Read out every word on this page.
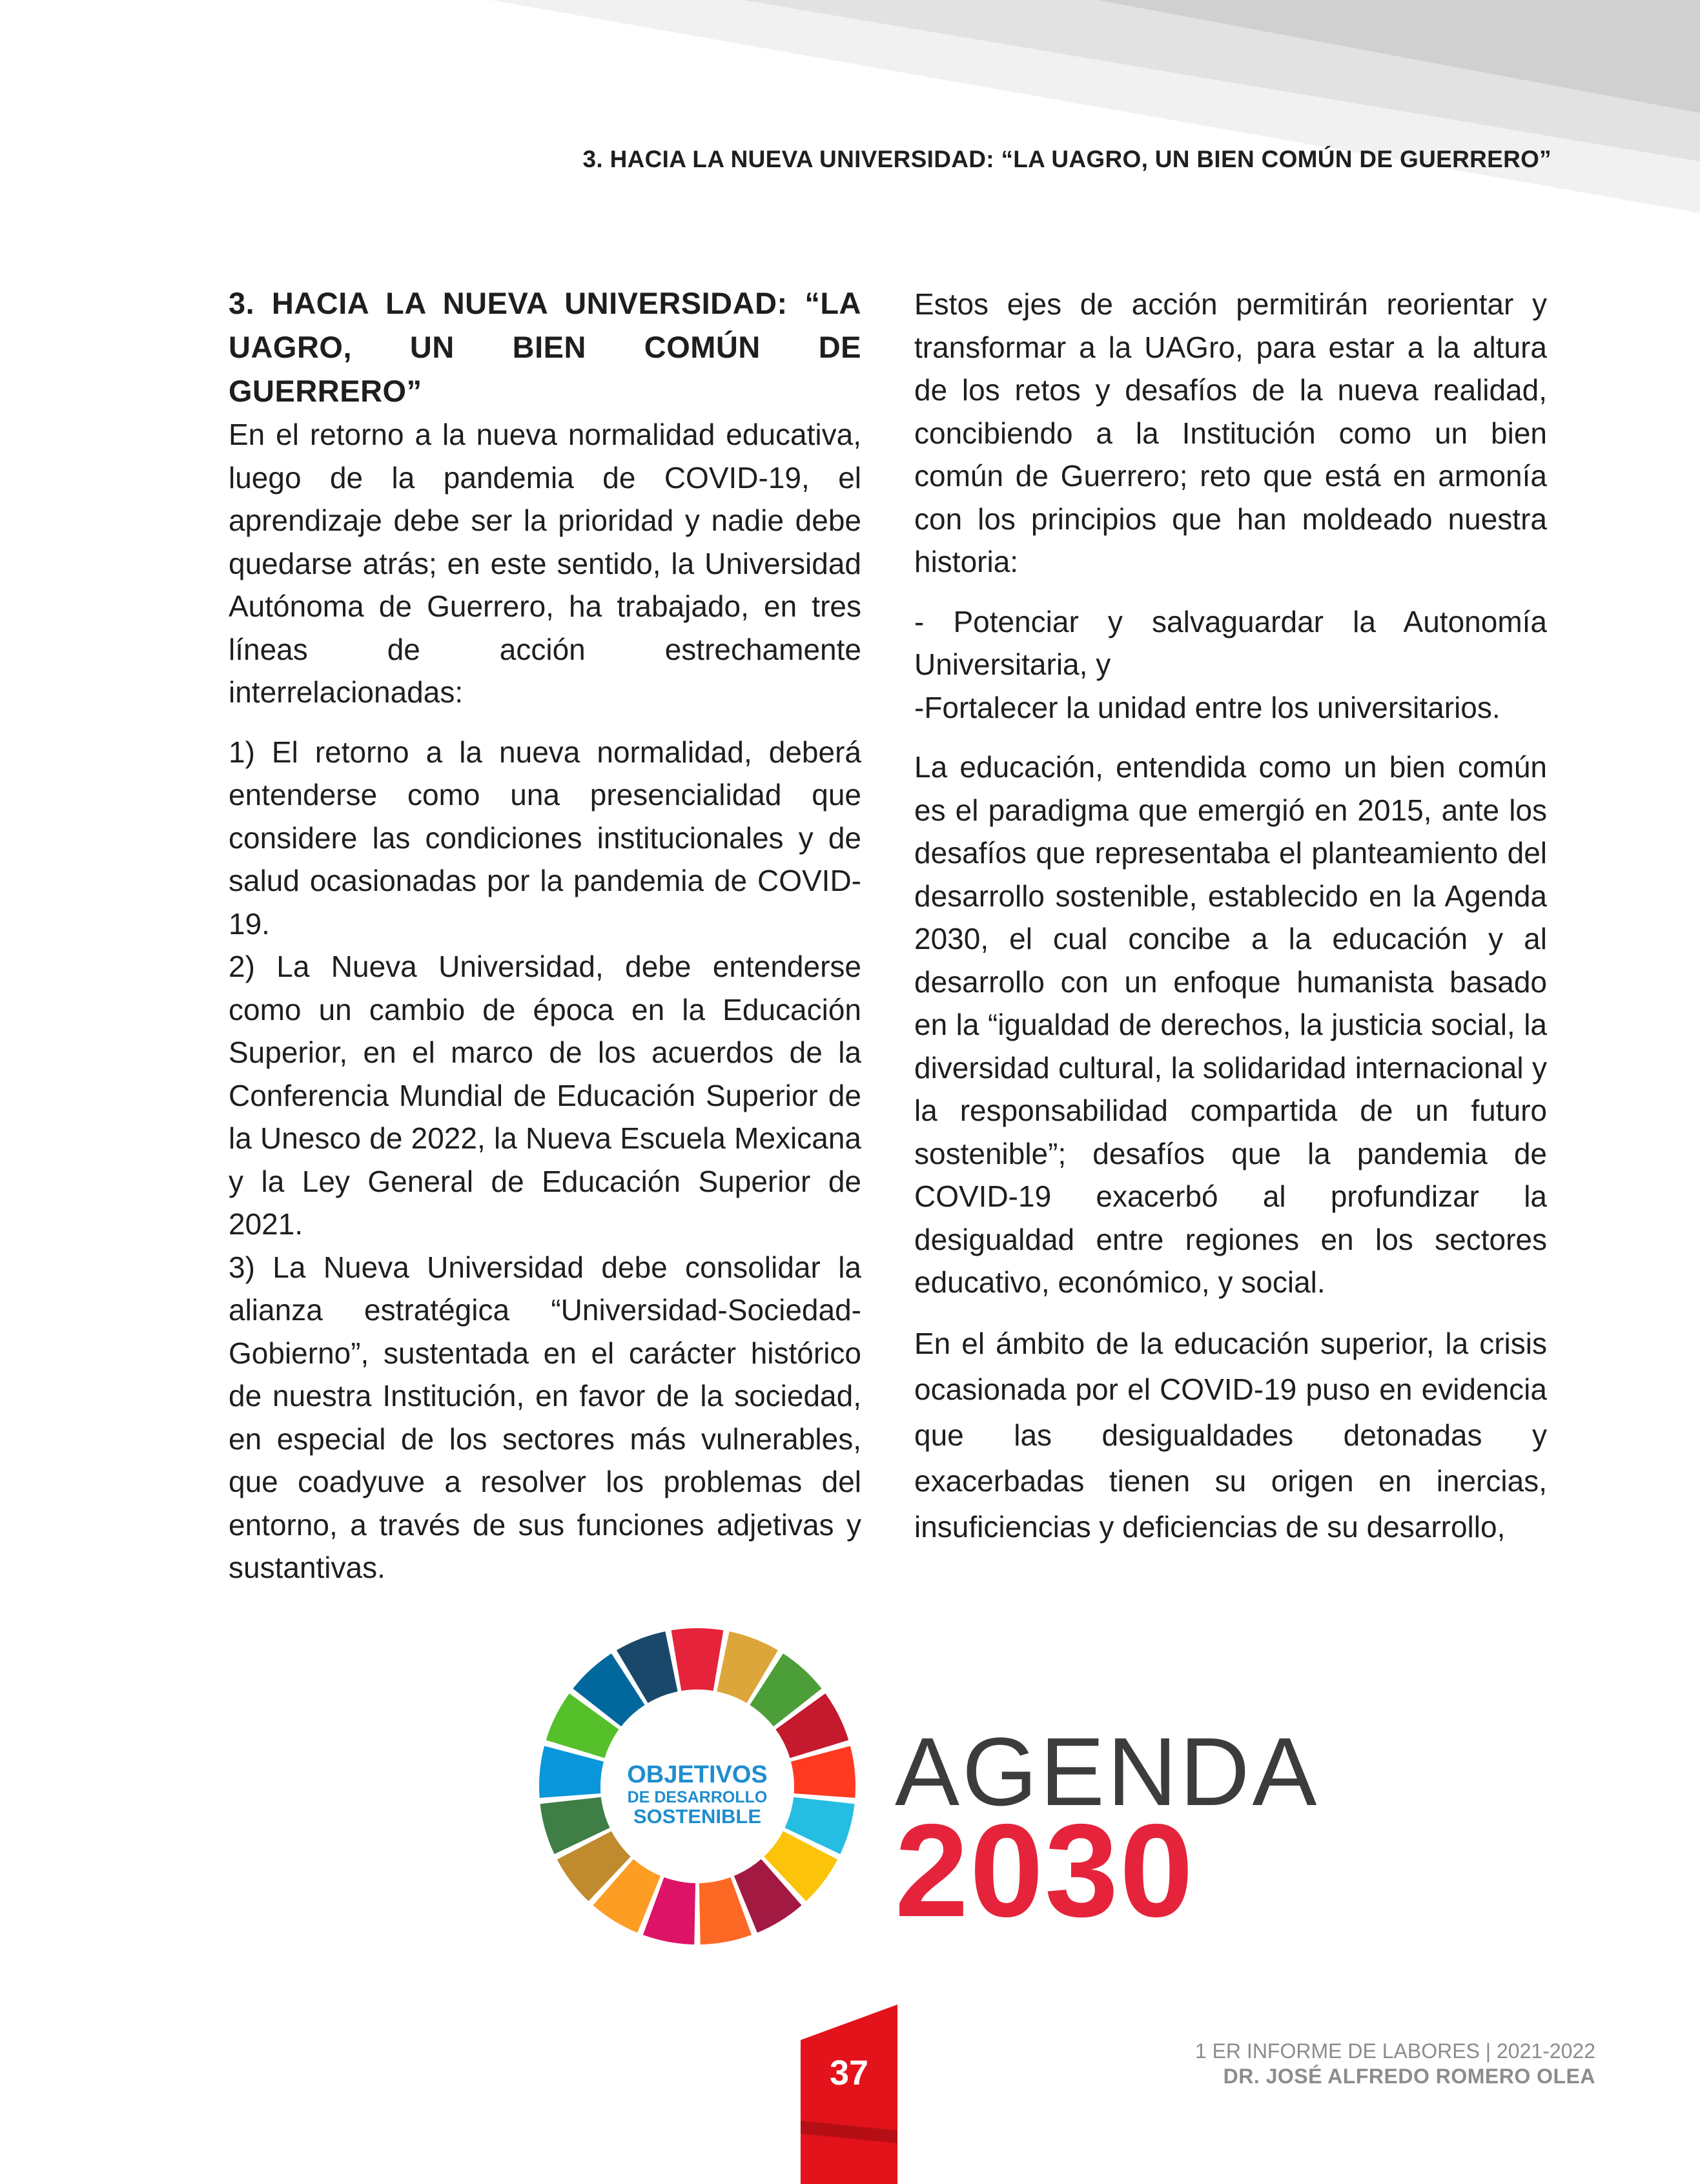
3. HACIA LA NUEVA UNIVERSIDAD: “LA UAGRO, UN BIEN COMÚN DE GUERRERO”

3. HACIA LA NUEVA UNIVERSIDAD: “LA UAGRO, UN BIEN COMÚN DE GUERRERO”

En el retorno a la nueva normalidad educativa, luego de la pandemia de COVID-19, el aprendizaje debe ser la prioridad y nadie debe quedarse atrás; en este sentido, la Universidad Autónoma de Guerrero, ha trabajado, en tres líneas de acción estrechamente interrelacionadas:

1) El retorno a la nueva normalidad, deberá entenderse como una presencialidad que considere las condiciones institucionales y de salud ocasionadas por la pandemia de COVID-19.

2) La Nueva Universidad, debe entenderse como un cambio de época en la Educación Superior, en el marco de los acuerdos de la Conferencia Mundial de Educación Superior de la Unesco de 2022, la Nueva Escuela Mexicana y la Ley General de Educación Superior de 2021.

3) La Nueva Universidad debe consolidar la alianza estratégica “Universidad-Sociedad-Gobierno”, sustentada en el carácter histórico de nuestra Institución, en favor de la sociedad, en especial de los sectores más vulnerables, que coadyuve a resolver los problemas del entorno, a través de sus funciones adjetivas y sustantivas.

Estos ejes de acción permitirán reorientar y transformar a la UAGro, para estar a la altura de los retos y desafíos de la nueva realidad, concibiendo a la Institución como un bien común de Guerrero; reto que está en armonía con los principios que han moldeado nuestra historia:

- Potenciar y salvaguardar la Autonomía Universitaria, y

-Fortalecer la unidad entre los universitarios.

La educación, entendida como un bien común es el paradigma que emergió en 2015, ante los desafíos que representaba el planteamiento del desarrollo sostenible, establecido en la Agenda 2030, el cual concibe a la educación y al desarrollo con un enfoque humanista basado en la “igualdad de derechos, la justicia social, la diversidad cultural, la solidaridad internacional y la responsabilidad compartida de un futuro sostenible”; desafíos que la pandemia de COVID-19 exacerbó al profundizar la desigualdad entre regiones en los sectores educativo, económico, y social.

En el ámbito de la educación superior, la crisis ocasionada por el COVID-19 puso en evidencia que las desigualdades detonadas y exacerbadas tienen su origen en inercias, insuficiencias y deficiencias de su desarrollo,

OBJETIVOS
DE DESARROLLO
SOSTENIBLE AGENDA
2030
37
1 ER INFORME DE LABORES | 2021-2022
DR. JOSÉ ALFREDO ROMERO OLEA
